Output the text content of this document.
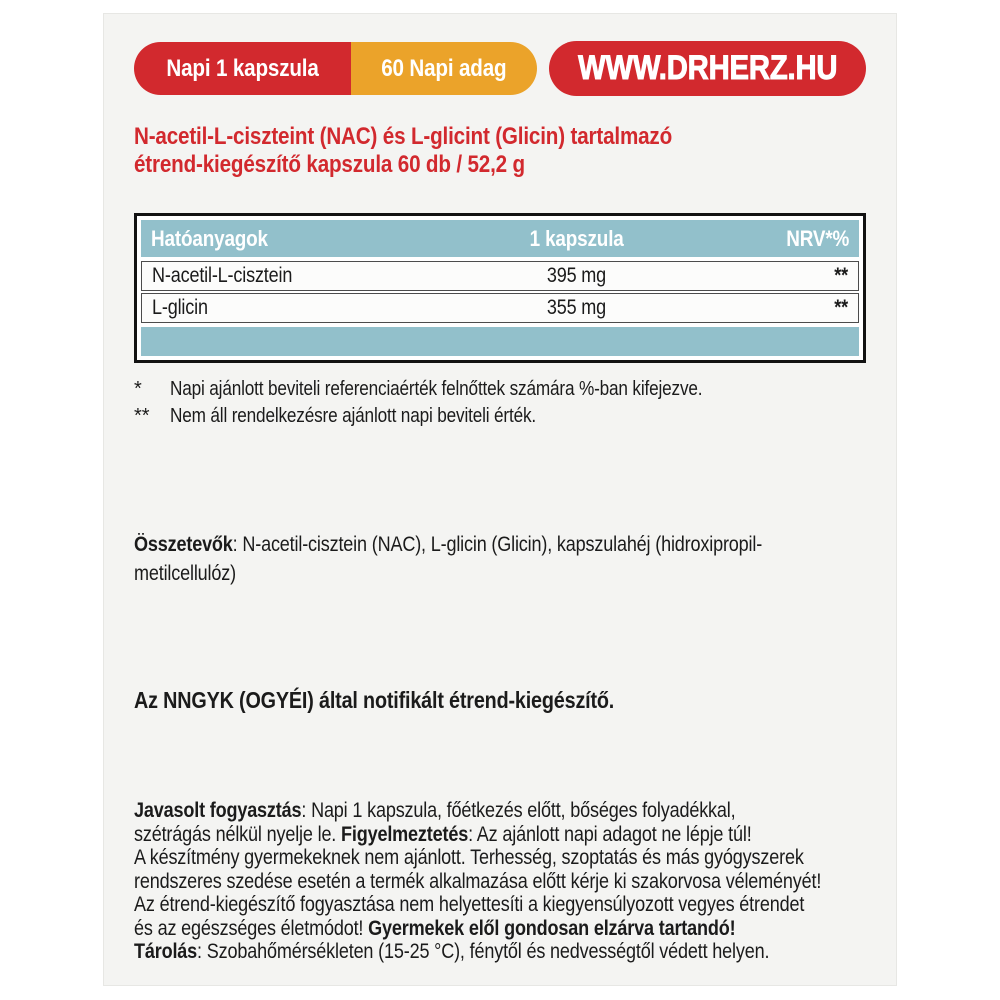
Napi 1 kapszula	60 Napi adag WWW.DRHERZ.HU
N-acetil-L-ciszteint (NAC) és L-glicint (Glicin) tartalmazó
étrend-kiegészítő kapszula 60 db / 52,2 g
Hatóanyagok	1 kapszula	NRV*%
N-acetil-L-cisztein	395 mg	**
L-glicin	355 mg	**
*	Napi ajánlott beviteli referenciaérték felnőttek számára %-ban kifejezve.
**	Nem áll rendelkezésre ajánlott napi beviteli érték.
Összetevők: N-acetil-cisztein (NAC), L-glicin (Glicin), kapszulahéj (hidroxipropil-
metilcellulóz)
Az NNGYK (OGYÉI) által notifikált étrend-kiegészítő.
Javasolt fogyasztás: Napi 1 kapszula, főétkezés előtt, bőséges folyadékkal,
szétrágás nélkül nyelje le. Figyelmeztetés: Az ajánlott napi adagot ne lépje túl!
A készítmény gyermekeknek nem ajánlott. Terhesség, szoptatás és más gyógyszerek
rendszeres szedése esetén a termék alkalmazása előtt kérje ki szakorvosa véleményét!
Az étrend-kiegészítő fogyasztása nem helyettesíti a kiegyensúlyozott vegyes étrendet
és az egészséges életmódot! Gyermekek elől gondosan elzárva tartandó!
Tárolás: Szobahőmérsékleten (15-25 °C), fénytől és nedvességtől védett helyen.
